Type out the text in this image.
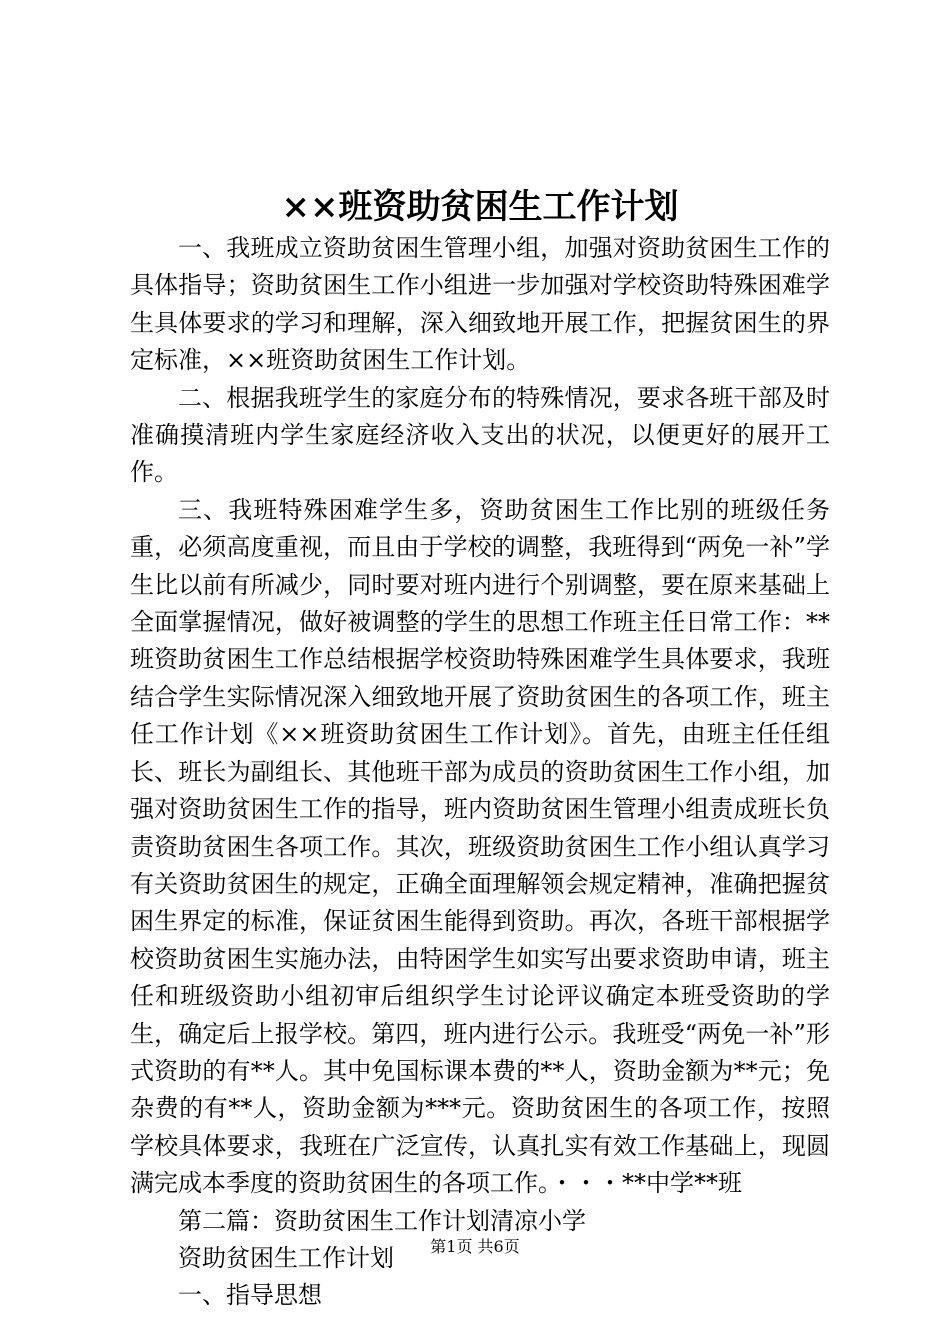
××班资助贫困生工作计划

一、我班成立资助贫困生管理小组，加强对资助贫困生工作的具体指导；资助贫困生工作小组进一步加强对学校资助特殊困难学生具体要求的学习和理解，深入细致地开展工作，把握贫困生的界定标准，××班资助贫困生工作计划。

二、根据我班学生的家庭分布的特殊情况，要求各班干部及时准确摸清班内学生家庭经济收入支出的状况，以便更好的展开工作。

三、我班特殊困难学生多，资助贫困生工作比别的班级任务重，必须高度重视，而且由于学校的调整，我班得到“两免一补”学生比以前有所减少，同时要对班内进行个别调整，要在原来基础上全面掌握情况，做好被调整的学生的思想工作班主任日常工作：**班资助贫困生工作总结根据学校资助特殊困难学生具体要求，我班结合学生实际情况深入细致地开展了资助贫困生的各项工作，班主任工作计划《××班资助贫困生工作计划》。首先，由班主任任组长、班长为副组长、其他班干部为成员的资助贫困生工作小组，加强对资助贫困生工作的指导，班内资助贫困生管理小组责成班长负责资助贫困生各项工作。其次，班级资助贫困生工作小组认真学习有关资助贫困生的规定，正确全面理解领会规定精神，准确把握贫困生界定的标准，保证贫困生能得到资助。再次，各班干部根据学校资助贫困生实施办法，由特困学生如实写出要求资助申请，班主任和班级资助小组初审后组织学生讨论评议确定本班受资助的学生，确定后上报学校。第四，班内进行公示。我班受“两免一补”形式资助的有**人。其中免国标课本费的**人，资助金额为**元；免杂费的有**人，资助金额为***元。资助贫困生的各项工作，按照学校具体要求，我班在广泛宣传，认真扎实有效工作基础上，现圆满完成本季度的资助贫困生的各项工作。・・・**中学**班

第二篇：资助贫困生工作计划清凉小学

资助贫困生工作计划

一、指导思想

第1页 共6页
